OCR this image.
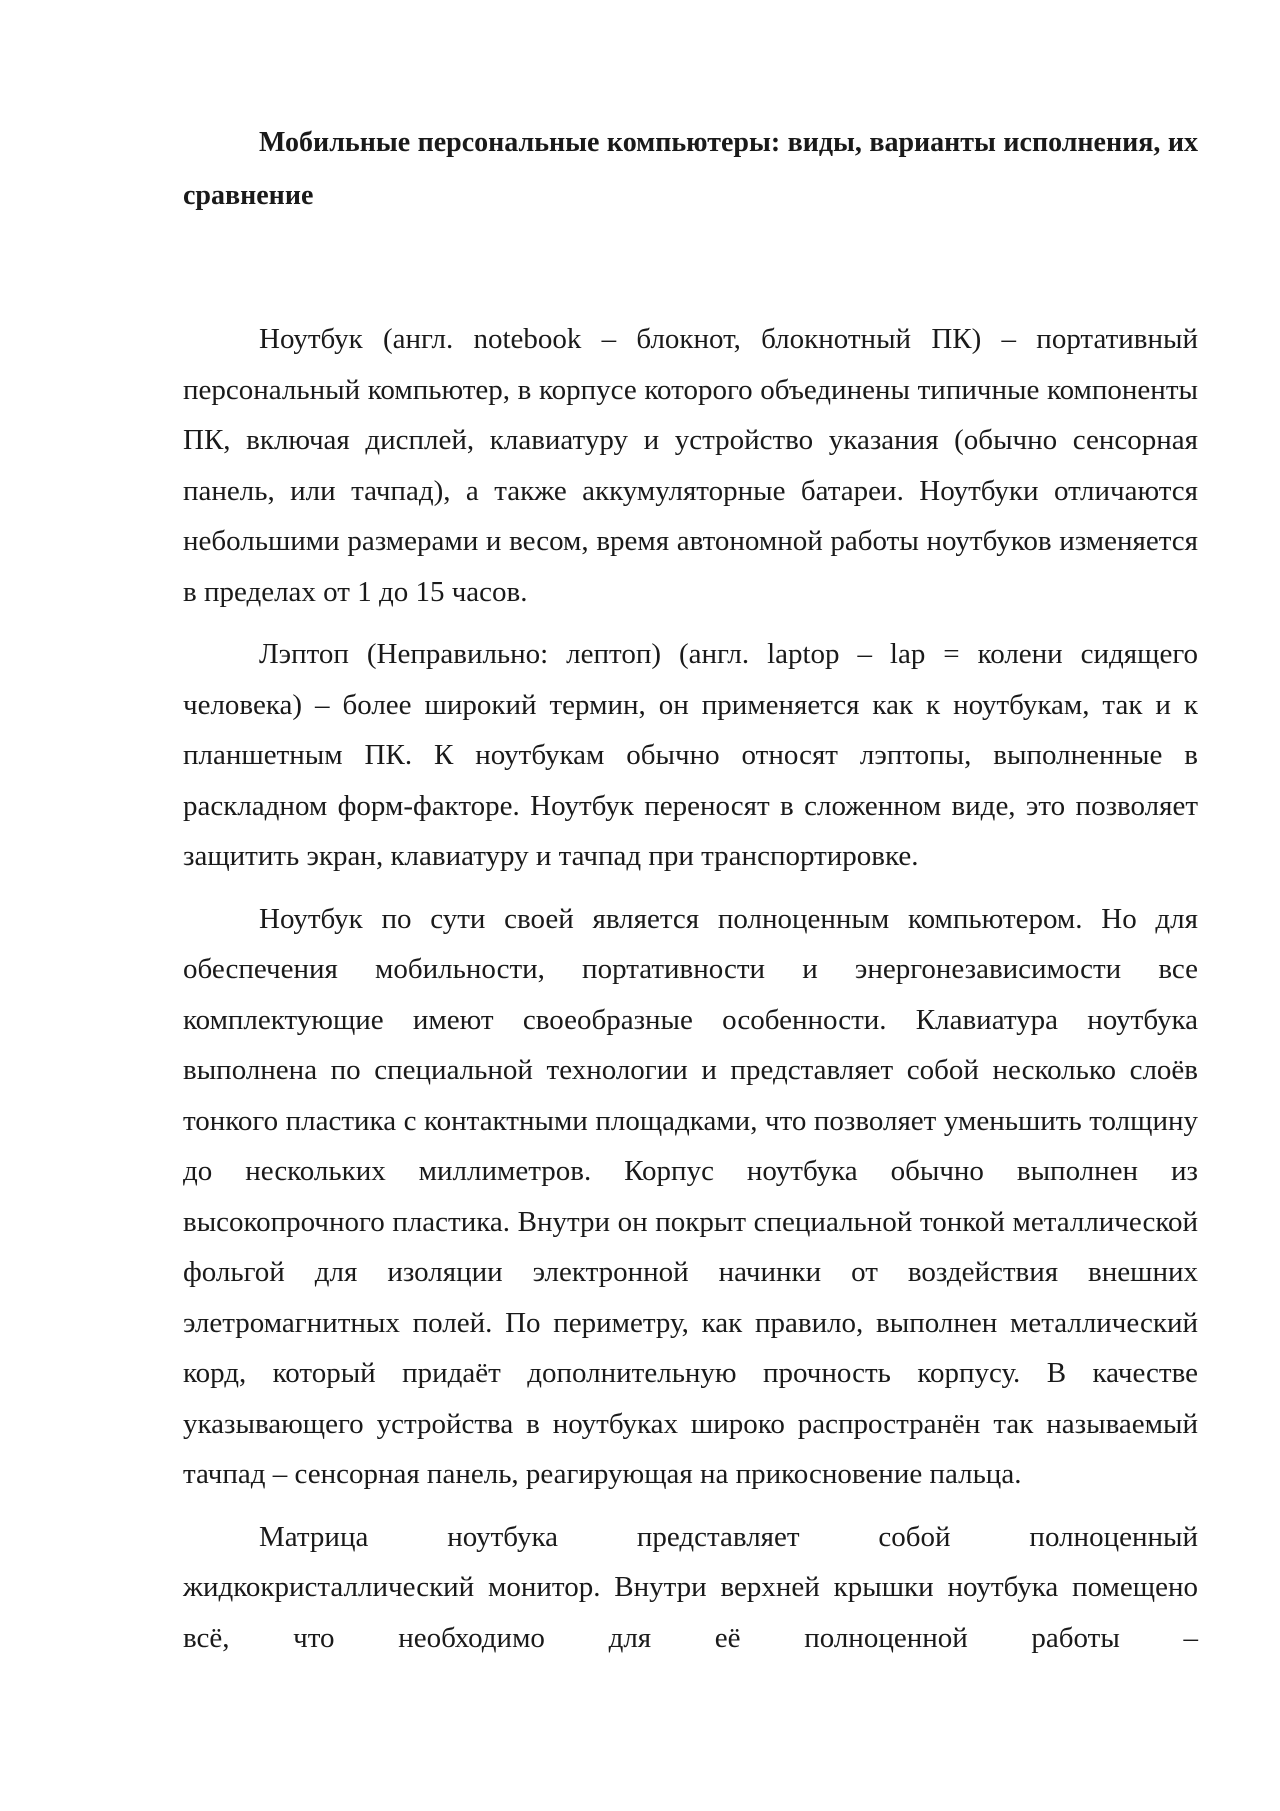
Мобильные персональные компьютеры: виды, варианты исполнения, их сравнение

Ноутбук (англ. notebook – блокнот, блокнотный ПК) – портативный персональный компьютер, в корпусе которого объединены типичные компоненты ПК, включая дисплей, клавиатуру и устройство указания (обычно сенсорная панель, или тачпад), а также аккумуляторные батареи. Ноутбуки отличаются небольшими размерами и весом, время автономной работы ноутбуков изменяется в пределах от 1 до 15 часов.

Лэптоп (Неправильно: лептоп) (англ. laptop – lap = колени сидящего человека) – более широкий термин, он применяется как к ноутбукам, так и к планшетным ПК. К ноутбукам обычно относят лэптопы, выполненные в раскладном форм-факторе. Ноутбук переносят в сложенном виде, это позволяет защитить экран, клавиатуру и тачпад при транспортировке.

Ноутбук по сути своей является полноценным компьютером. Но для обеспечения мобильности, портативности и энергонезависимости все комплектующие имеют своеобразные особенности. Клавиатура ноутбука выполнена по специальной технологии и представляет собой несколько слоёв тонкого пластика с контактными площадками, что позволяет уменьшить толщину до нескольких миллиметров. Корпус ноутбука обычно выполнен из высокопрочного пластика. Внутри он покрыт специальной тонкой металлической фольгой для изоляции электронной начинки от воздействия внешних элетромагнитных полей. По периметру, как правило, выполнен металлический корд, который придаёт дополнительную прочность корпусу. В качестве указывающего устройства в ноутбуках широко распространён так называемый тачпад – сенсорная панель, реагирующая на прикосновение пальца.

Матрица ноутбука представляет собой полноценный жидкокристаллический монитор. Внутри верхней крышки ноутбука помещено всё, что необходимо для её полноценной работы –
